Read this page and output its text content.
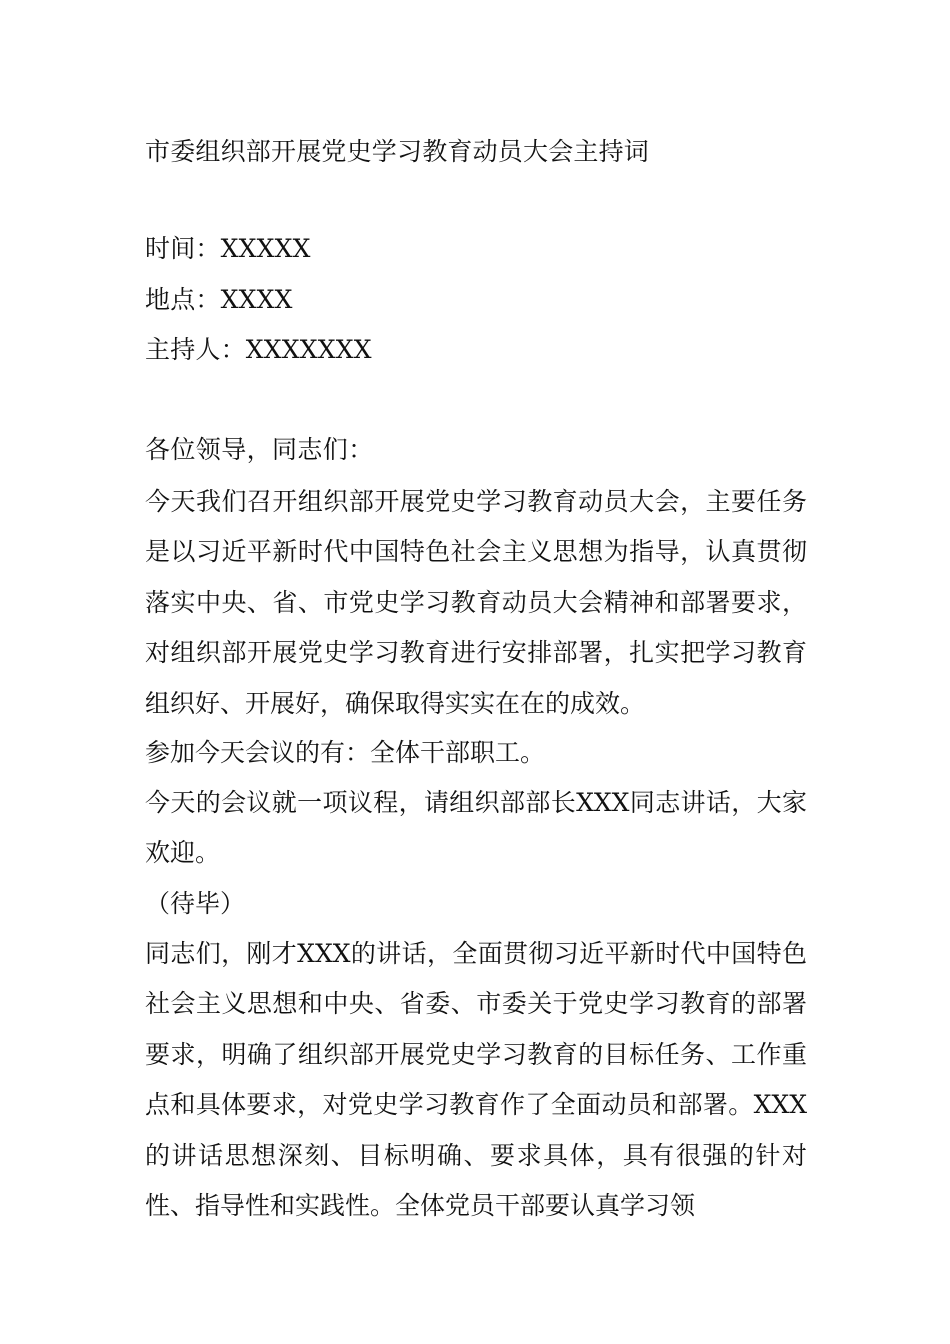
市委组织部开展党史学习教育动员大会主持词
时间：XXXXX
地点：XXXX
主持人：XXXXXXX
各位领导，同志们：

今天我们召开组织部开展党史学习教育动员大会，主要任务是以习近平新时代中国特色社会主义思想为指导，认真贯彻落实中央、省、市党史学习教育动员大会精神和部署要求，对组织部开展党史学习教育进行安排部署，扎实把学习教育组织好、开展好，确保取得实实在在的成效。

参加今天会议的有：全体干部职工。

今天的会议就一项议程，请组织部部长XXX同志讲话，大家欢迎。

（待毕）

同志们，刚才XXX的讲话，全面贯彻习近平新时代中国特色社会主义思想和中央、省委、市委关于党史学习教育的部署要求，明确了组织部开展党史学习教育的目标任务、工作重点和具体要求，对党史学习教育作了全面动员和部署。XXX的讲话思想深刻、目标明确、要求具体，具有很强的针对性、指导性和实践性。全体党员干部要认真学习领
